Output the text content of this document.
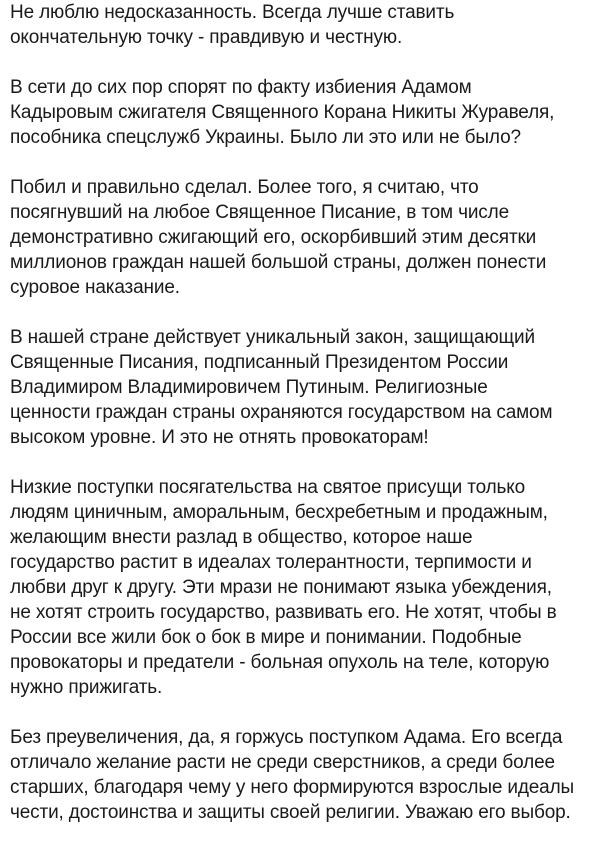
Не люблю недосказанность. Всегда лучше ставить
окончательную точку - правдивую и честную.

В сети до сих пор спорят по факту избиения Адамом
Кадыровым сжигателя Священного Корана Никиты Журавеля,
пособника спецслужб Украины. Было ли это или не было?

Побил и правильно сделал. Более того, я считаю, что
посягнувший на любое Священное Писание, в том числе
демонстративно сжигающий его, оскорбивший этим десятки
миллионов граждан нашей большой страны, должен понести
суровое наказание.

В нашей стране действует уникальный закон, защищающий
Священные Писания, подписанный Президентом России
Владимиром Владимировичем Путиным. Религиозные
ценности граждан страны охраняются государством на самом
высоком уровне. И это не отнять провокаторам!

Низкие поступки посягательства на святое присущи только
людям циничным, аморальным, бесхребетным и продажным,
желающим внести разлад в общество, которое наше
государство растит в идеалах толерантности, терпимости и
любви друг к другу. Эти мрази не понимают языка убеждения,
не хотят строить государство, развивать его. Не хотят, чтобы в
России все жили бок о бок в мире и понимании. Подобные
провокаторы и предатели - больная опухоль на теле, которую
нужно прижигать.

Без преувеличения, да, я горжусь поступком Адама. Его всегда
отличало желание расти не среди сверстников, а среди более
старших, благодаря чему у него формируются взрослые идеалы
чести, достоинства и защиты своей религии. Уважаю его выбор.
